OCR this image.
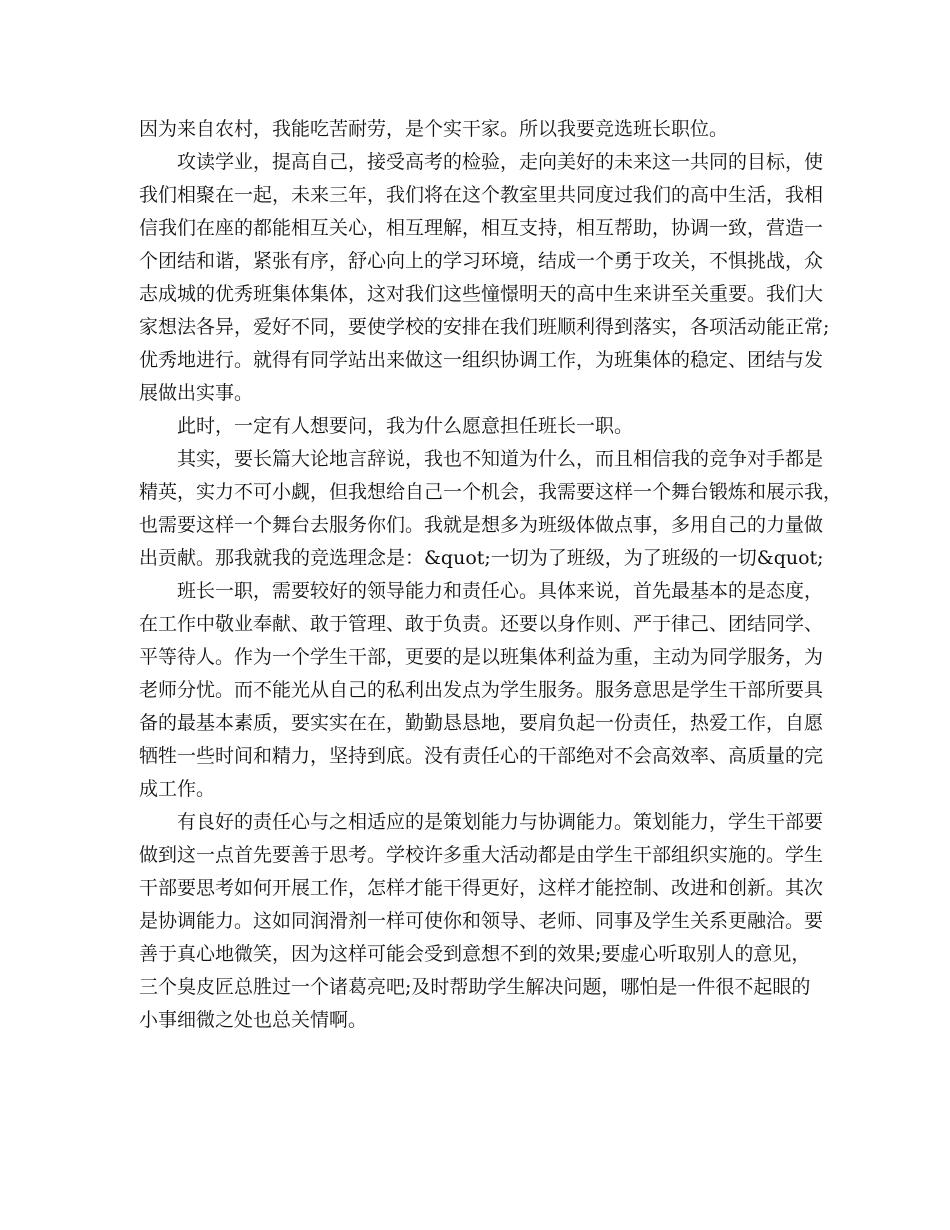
因为来自农村，我能吃苦耐劳，是个实干家。所以我要竞选班长职位。
　　攻读学业，提高自己，接受高考的检验，走向美好的未来这一共同的目标，使
我们相聚在一起，未来三年，我们将在这个教室里共同度过我们的高中生活，我相
信我们在座的都能相互关心，相互理解，相互支持，相互帮助，协调一致，营造一
个团结和谐，紧张有序，舒心向上的学习环境，结成一个勇于攻关，不惧挑战，众
志成城的优秀班集体集体，这对我们这些憧憬明天的高中生来讲至关重要。我们大
家想法各异，爱好不同，要使学校的安排在我们班顺利得到落实，各项活动能正常;
优秀地进行。就得有同学站出来做这一组织协调工作，为班集体的稳定、团结与发
展做出实事。
　　此时，一定有人想要问，我为什么愿意担任班长一职。
　　其实，要长篇大论地言辞说，我也不知道为什么，而且相信我的竞争对手都是
精英，实力不可小觑，但我想给自己一个机会，我需要这样一个舞台锻炼和展示我，
也需要这样一个舞台去服务你们。我就是想多为班级体做点事，多用自己的力量做
出贡献。那我就我的竞选理念是：&quot;一切为了班级，为了班级的一切&quot;
　　班长一职，需要较好的领导能力和责任心。具体来说，首先最基本的是态度，
在工作中敬业奉献、敢于管理、敢于负责。还要以身作则、严于律己、团结同学、
平等待人。作为一个学生干部，更要的是以班集体利益为重，主动为同学服务，为
老师分忧。而不能光从自己的私利出发点为学生服务。服务意思是学生干部所要具
备的最基本素质，要实实在在，勤勤恳恳地，要肩负起一份责任，热爱工作，自愿
牺牲一些时间和精力，坚持到底。没有责任心的干部绝对不会高效率、高质量的完
成工作。
　　有良好的责任心与之相适应的是策划能力与协调能力。策划能力，学生干部要
做到这一点首先要善于思考。学校许多重大活动都是由学生干部组织实施的。学生
干部要思考如何开展工作，怎样才能干得更好，这样才能控制、改进和创新。其次
是协调能力。这如同润滑剂一样可使你和领导、老师、同事及学生关系更融洽。要
善于真心地微笑，因为这样可能会受到意想不到的效果;要虚心听取别人的意见，
三个臭皮匠总胜过一个诸葛亮吧;及时帮助学生解决问题，哪怕是一件很不起眼的
小事细微之处也总关情啊。
